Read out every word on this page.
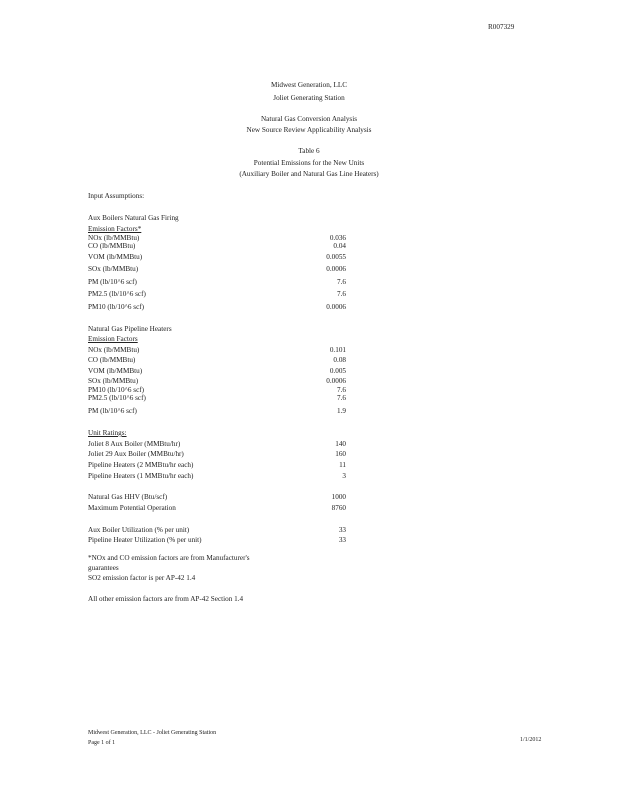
R007329
Midwest Generation, LLC
Joliet Generating Station
Natural Gas Conversion Analysis
New Source Review Applicability Analysis
Table 6
Potential Emissions for the New Units
(Auxiliary Boiler and Natural Gas Line Heaters)
Input Assumptions:
Aux Boilers Natural Gas Firing
Emission Factors*
NOx (lb/MMBtu)	0.036
CO (lb/MMBtu)	0.04
VOM (lb/MMBtu)	0.0055
SOx (lb/MMBtu)	0.0006
PM (lb/10^6 scf)	7.6
PM2.5 (lb/10^6 scf)	7.6
PM10 (lb/10^6 scf)	0.0006
Natural Gas Pipeline Heaters
Emission Factors
NOx (lb/MMBtu)	0.101
CO (lb/MMBtu)	0.08
VOM (lb/MMBtu)	0.005
SOx (lb/MMBtu)	0.0006
PM10 (lb/10^6 scf)	7.6
PM2.5 (lb/10^6 scf)	7.6
PM (lb/10^6 scf)	1.9
Unit Ratings:
Joliet 8 Aux Boiler (MMBtu/hr)	140
Joliet 29 Aux Boiler (MMBtu/hr)	160
Pipeline Heaters (2 MMBtu/hr each)	11
Pipeline Heaters (1 MMBtu/hr each)	3
Natural Gas HHV (Btu/scf)	1000
Maximum Potential Operation	8760
Aux Boiler Utilization (% per unit)	33
Pipeline Heater Utilization (% per unit)	33
*NOx and CO emission factors are from Manufacturer's
guarantees
SO2 emission factor is per AP-42 1.4
All other emission factors are from AP-42 Section 1.4
Midwest Generation, LLC - Joliet Generating Station
Page 1 of 1	1/1/2012
